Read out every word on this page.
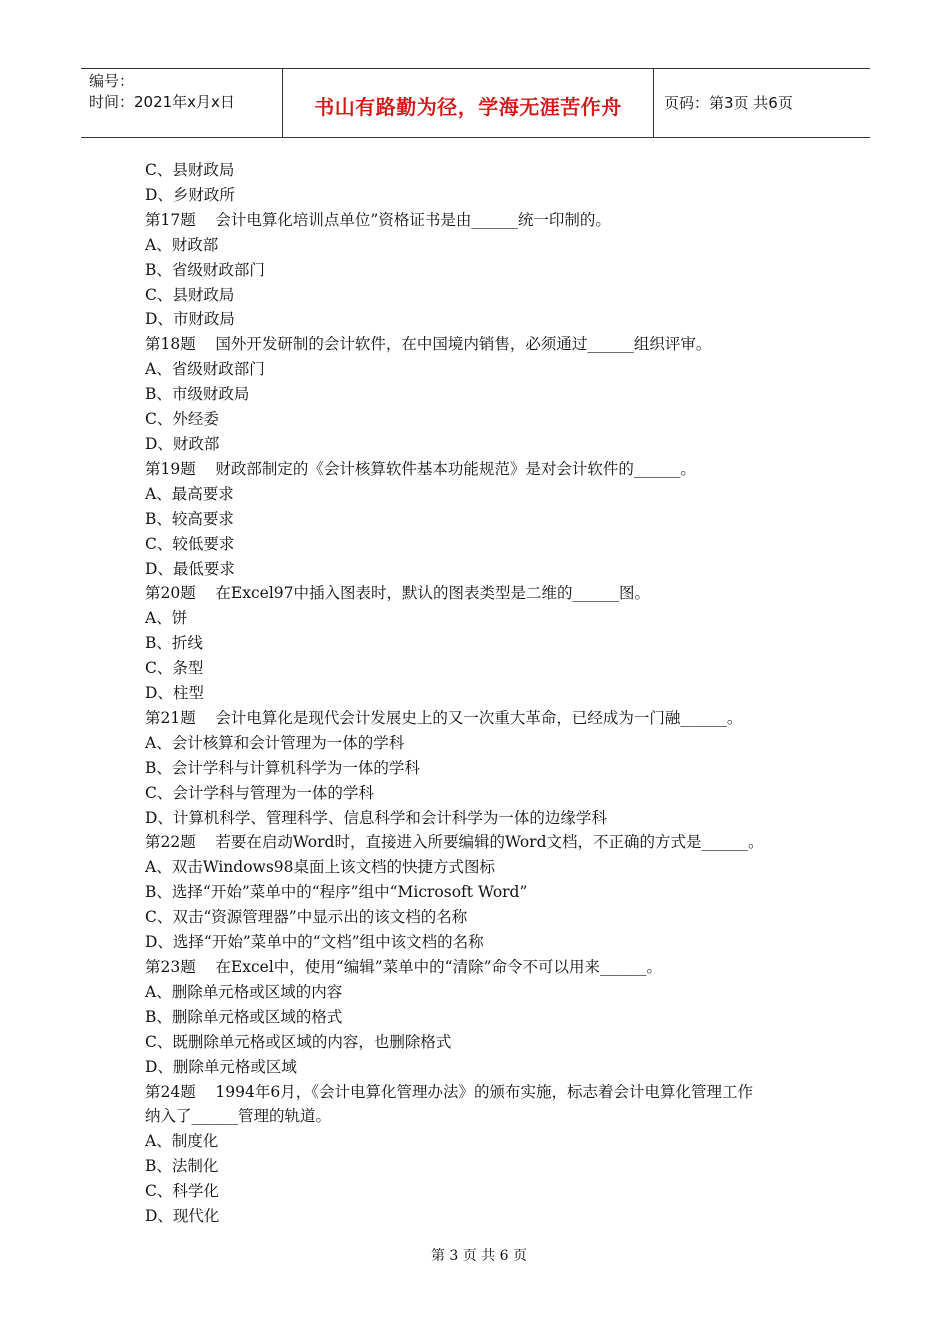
编号：
时间：2021年x月x日	书山有路勤为径，学海无涯苦作舟	页码：第3页 共6页
C、县财政局
D、乡财政所
第17题    会计电算化培训点单位”资格证书是由______统一印制的。
A、财政部
B、省级财政部门
C、县财政局
D、市财政局
第18题    国外开发研制的会计软件，在中国境内销售，必须通过______组织评审。
A、省级财政部门
B、市级财政局
C、外经委
D、财政部
第19题    财政部制定的《会计核算软件基本功能规范》是对会计软件的______。
A、最高要求
B、较高要求
C、较低要求
D、最低要求
第20题    在Excel97中插入图表时，默认的图表类型是二维的______图。
A、饼
B、折线
C、条型
D、柱型
第21题    会计电算化是现代会计发展史上的又一次重大革命，已经成为一门融______。
A、会计核算和会计管理为一体的学科
B、会计学科与计算机科学为一体的学科
C、会计学科与管理为一体的学科
D、计算机科学、管理科学、信息科学和会计科学为一体的边缘学科
第22题    若要在启动Word时，直接进入所要编辑的Word文档，不正确的方式是______。
A、双击Windows98桌面上该文档的快捷方式图标
B、选择“开始”菜单中的“程序”组中“Microsoft Word”
C、双击“资源管理器”中显示出的该文档的名称
D、选择“开始”菜单中的“文档”组中该文档的名称
第23题    在Excel中，使用“编辑”菜单中的“清除”命令不可以用来______。
A、删除单元格或区域的内容
B、删除单元格或区域的格式
C、既删除单元格或区域的内容，也删除格式
D、删除单元格或区域
第24题    1994年6月，《会计电算化管理办法》的颁布实施，标志着会计电算化管理工作
纳入了______管理的轨道。
A、制度化
B、法制化
C、科学化
D、现代化
第 3 页 共 6 页
